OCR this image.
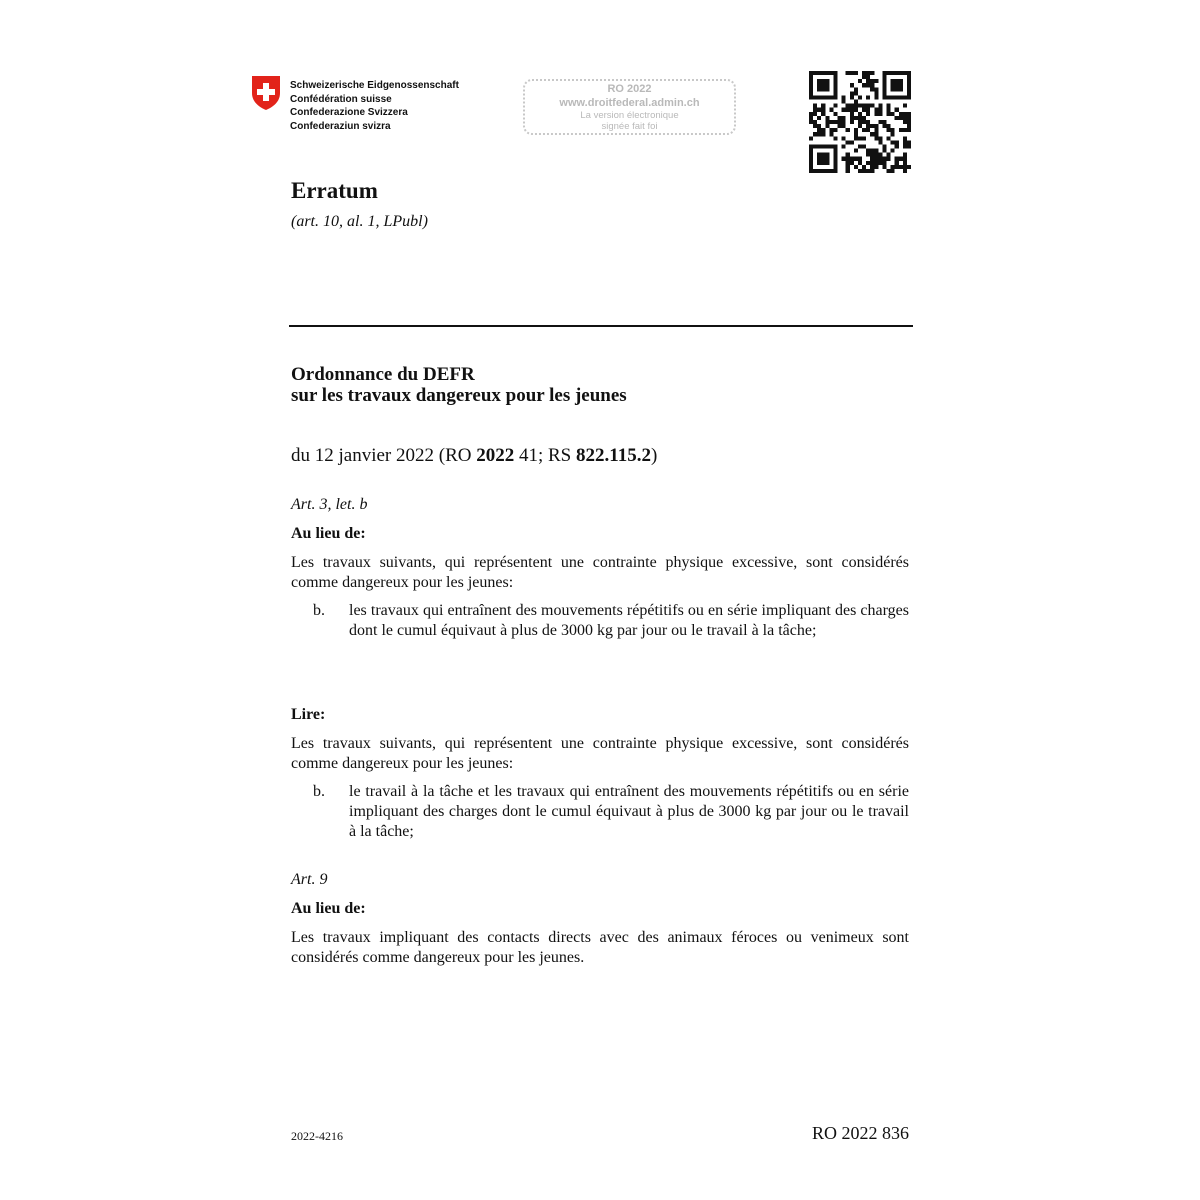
Schweizerische Eidgenossenschaft
Confédération suisse
Confederazione Svizzera
Confederaziun svizra
RO 2022
www.droitfederal.admin.ch
La version électronique
signée fait foi
Erratum
(art. 10, al. 1, LPubl)
Ordonnance du DEFR
sur les travaux dangereux pour les jeunes
du 12 janvier 2022 (RO 2022 41; RS 822.115.2)
Art. 3, let. b
Au lieu de:
Les travaux suivants, qui représentent une contrainte physique excessive, sont considérés comme dangereux pour les jeunes:
b. les travaux qui entraînent des mouvements répétitifs ou en série impliquant des charges dont le cumul équivaut à plus de 3000 kg par jour ou le travail à la tâche;
Lire:
Les travaux suivants, qui représentent une contrainte physique excessive, sont considérés comme dangereux pour les jeunes:
b. le travail à la tâche et les travaux qui entraînent des mouvements répétitifs ou en série impliquant des charges dont le cumul équivaut à plus de 3000 kg par jour ou le travail à la tâche;
Art. 9
Au lieu de:
Les travaux impliquant des contacts directs avec des animaux féroces ou venimeux sont considérés comme dangereux pour les jeunes.
2022-4216	RO 2022 836
